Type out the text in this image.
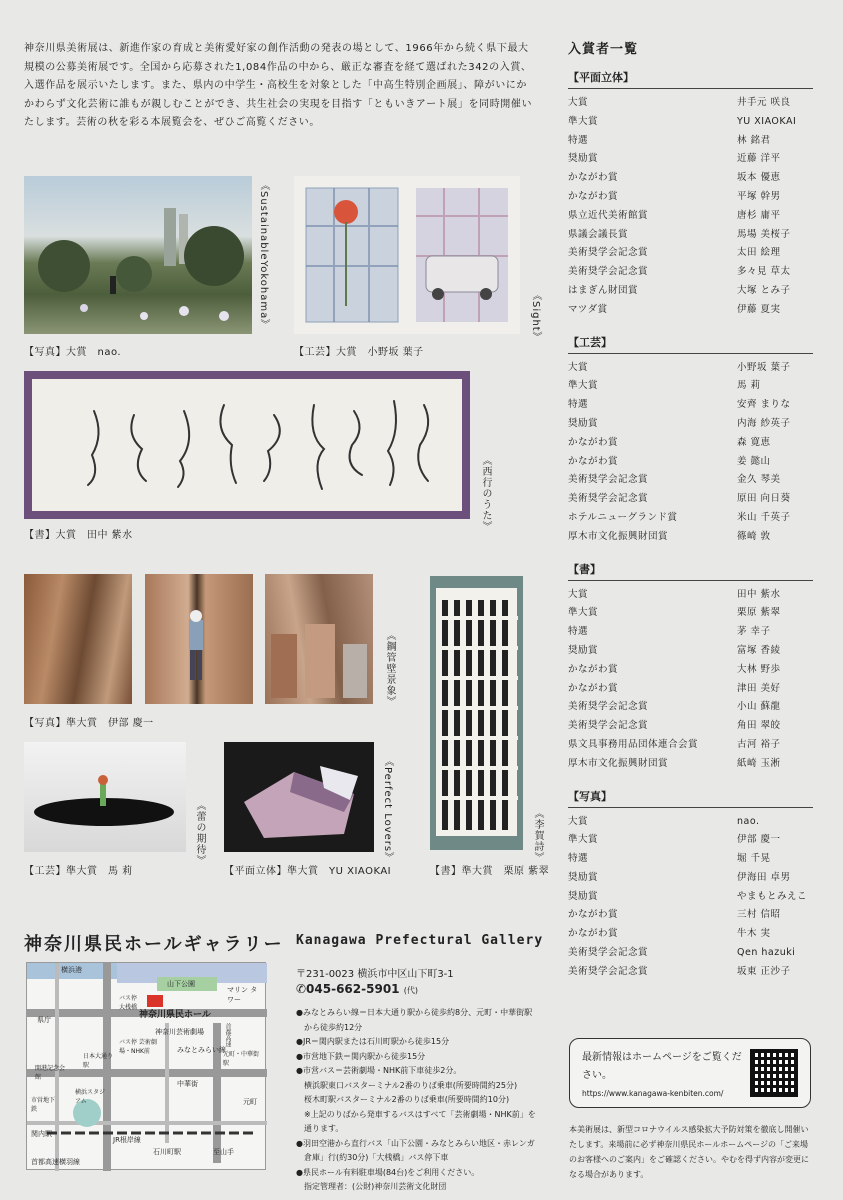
神奈川県美術展は、新進作家の育成と美術愛好家の創作活動の発表の場として、1966年から続く県下最大規模の公募美術展です。全国から応募された1,084作品の中から、厳正な審査を経て選ばれた342の入賞、入選作品を展示いたします。また、県内の中学生・高校生を対象とした「中高生特別企画展」、障がいにかかわらず文化芸術に誰もが親しむことができ、共生社会の実現を目指す「ともいきアート展」を同時開催いたします。芸術の秋を彩る本展覧会を、ぜひご高覧ください。

《SustainableYokohama》
【写真】大賞　nao.
《Sight》
【工芸】大賞　小野坂 葉子
《西行のうた》
【書】大賞　田中 紫水
《鋼管壁景象》
【写真】準大賞　伊部 慶一
《李賀詩》
【書】準大賞　栗原 紫翠
《蕾の期待》
【工芸】準大賞　馬 莉
《Perfect Lovers》
【平面立体】準大賞　YU XIAOKAI
入賞者一覧
【平面立体】
大賞	井手元 咲良
準大賞	YU XIAOKAI
特選	林 銘君
奨励賞	近藤 洋平
かながわ賞	坂本 優恵
かながわ賞	平塚 幹男
県立近代美術館賞	唐杉 庸平
県議会議長賞	馬場 美桜子
美術奨学会記念賞	太田 絵理
美術奨学会記念賞	多々見 草太
はまぎん財団賞	大塚 とみ子
マツダ賞	伊藤 夏実
【工芸】
大賞	小野坂 葉子
準大賞	馬 莉
特選	安齊 まりな
奨励賞	内海 紗英子
かながわ賞	森 寛恵
かながわ賞	姜 懿山
美術奨学会記念賞	金久 琴美
美術奨学会記念賞	原田 向日葵
ホテルニューグランド賞	米山 千英子
厚木市文化振興財団賞	篠崎 敦
【書】
大賞	田中 紫水
準大賞	栗原 紫翠
特選	茅 幸子
奨励賞	富塚 香綾
かながわ賞	大林 野歩
かながわ賞	津田 美好
美術奨学会記念賞	小山 蘇龍
美術奨学会記念賞	角田 翠皎
県文具事務用品団体連合会賞	古河 裕子
厚木市文化振興財団賞	紙崎 玉淅
【写真】
大賞	nao.
準大賞	伊部 慶一
特選	堀 千晃
奨励賞	伊海田 卓男
奨励賞	やまもとみえこ
かながわ賞	三村 信昭
かながわ賞	牛木 実
美術奨学会記念賞	Qen hazuki
美術奨学会記念賞	坂東 正沙子
神奈川県民ホールギャラリー Kanagawa Prefectural Gallery
横浜港
山下公園
マリン タワー
県庁	神奈川県民ホール
神奈川芸術劇場
バス停 大桟橋
バス停 芸術劇場・NHK前	みなとみらい線
日本大通り駅
元町・中華街駅
開港記念会館
中華街
横浜スタジアム
市営地下鉄
関内駅
JR根岸線
元町
石川町駅	至山手
首都高速横羽線
首都高速
〒231-0023 横浜市中区山下町3-1
✆045-662-5901 (代)
●みなとみらい線＝日本大通り駅から徒歩約8分、元町・中華街駅
　から徒歩約12分
●JR＝関内駅または石川町駅から徒歩15分
●市営地下鉄＝関内駅から徒歩15分
●市営バス＝芸術劇場・NHK前下車徒歩2分。
　横浜駅東口バスターミナル2番のりば乗車(所要時間約25分)
　桜木町駅バスターミナル2番のりば乗車(所要時間約10分)
　※上記のりばから発車するバスはすべて「芸術劇場・NHK前」を
　通ります。
●羽田空港から直行バス「山下公園・みなとみらい地区・赤レンガ
　倉庫」行(約30分)「大桟橋」バス停下車
●県民ホール有料駐車場(84台)をご利用ください。
　指定管理者：(公財)神奈川芸術文化財団
最新情報はホームページをご覧ください。
https://www.kanagawa-kenbiten.com/
本美術展は、新型コロナウイルス感染拡大予防対策を徹底し開催いたします。来場前に必ず神奈川県民ホールホームページの「ご来場のお客様へのご案内」をご確認ください。やむを得ず内容が変更になる場合があります。
